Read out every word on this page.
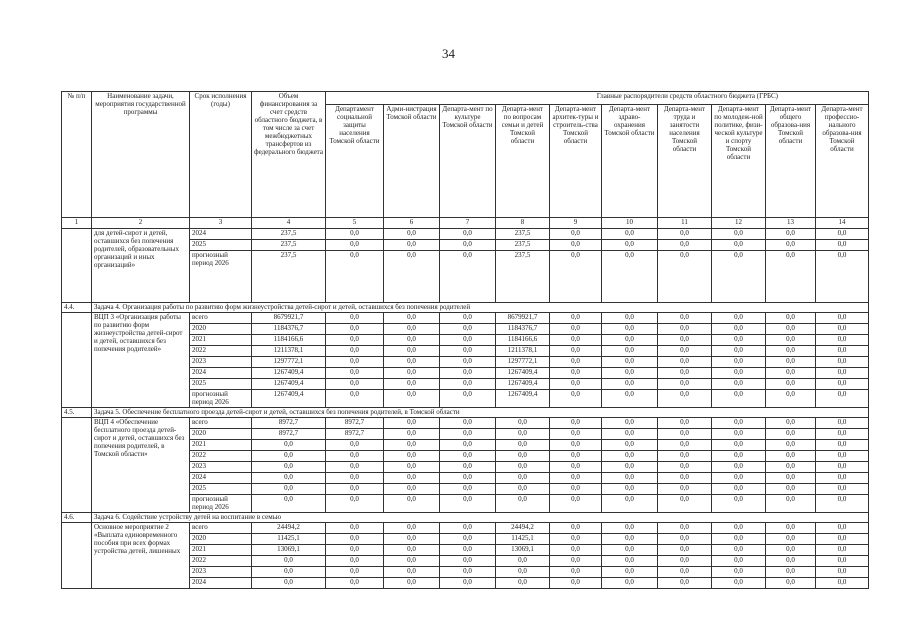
34
№ п/п	Наименование задачи, мероприятия государственной программы	Срок исполнения (годы)	Объем финансирования за счет средств областного бюджета, в том числе за счет межбюджетных трансфертов из федерального бюджета	Главные распорядители средств областного бюджета (ГРБС)									
				Департамент социальной защиты населения Томской области	Адми-нистрация Томской области	Департа-мент по культуре Томской области	Департа-мент по вопросам семьи и детей Томской области	Департа-мент архитек-туры и строитель-ства Томской области	Департа-мент здраво-охранения Томской области	Департа-мент труда и занятости населения Томской области	Департа-мент по молодеж-ной политике, физи-ческой культуре и спорту Томской области	Департа-мент общего образова-ния Томской области	Департа-мент профессио-нального образова-ния Томской области
1	2	3	4	5	6	7	8	9	10	11	12	13	14
	для детей-сирот и детей, оставшихся без попечения родителей, образовательных организаций и иных организаций»	2024	237,5	0,0	0,0	0,0	237,5	0,0	0,0	0,0	0,0	0,0	0,0
		2025	237,5	0,0	0,0	0,0	237,5	0,0	0,0	0,0	0,0	0,0	0,0
		прогнозный период 2026	237,5	0,0	0,0	0,0	237,5	0,0	0,0	0,0	0,0	0,0	0,0
4.4.	Задача 4. Организация работы по развитию форм жизнеустройства детей-сирот и детей, оставшихся без попечения родителей												
	ВЦП 3 «Организация работы по развитию форм жизнеустройства детей-сирот и детей, оставшихся без попечения родителей»	всего	8679921,7	0,0	0,0	0,0	8679921,7	0,0	0,0	0,0	0,0	0,0	0,0
		2020	1184376,7	0,0	0,0	0,0	1184376,7	0,0	0,0	0,0	0,0	0,0	0,0
		2021	1184166,6	0,0	0,0	0,0	1184166,6	0,0	0,0	0,0	0,0	0,0	0,0
		2022	1211378,1	0,0	0,0	0,0	1211378,1	0,0	0,0	0,0	0,0	0,0	0,0
		2023	1297772,1	0,0	0,0	0,0	1297772,1	0,0	0,0	0,0	0,0	0,0	0,0
		2024	1267409,4	0,0	0,0	0,0	1267409,4	0,0	0,0	0,0	0,0	0,0	0,0
		2025	1267409,4	0,0	0,0	0,0	1267409,4	0,0	0,0	0,0	0,0	0,0	0,0
		прогнозный период 2026	1267409,4	0,0	0,0	0,0	1267409,4	0,0	0,0	0,0	0,0	0,0	0,0
4.5.	Задача 5. Обеспечение бесплатного проезда детей-сирот и детей, оставшихся без попечения родителей, в Томской области												
	ВЦП 4 «Обеспечение бесплатного проезда детей-сирот и детей, оставшихся без попечения родителей, в Томской области»	всего	8972,7	8972,7	0,0	0,0	0,0	0,0	0,0	0,0	0,0	0,0	0,0
		2020	8972,7	8972,7	0,0	0,0	0,0	0,0	0,0	0,0	0,0	0,0	0,0
		2021	0,0	0,0	0,0	0,0	0,0	0,0	0,0	0,0	0,0	0,0	0,0
		2022	0,0	0,0	0,0	0,0	0,0	0,0	0,0	0,0	0,0	0,0	0,0
		2023	0,0	0,0	0,0	0,0	0,0	0,0	0,0	0,0	0,0	0,0	0,0
		2024	0,0	0,0	0,0	0,0	0,0	0,0	0,0	0,0	0,0	0,0	0,0
		2025	0,0	0,0	0,0	0,0	0,0	0,0	0,0	0,0	0,0	0,0	0,0
		прогнозный период 2026	0,0	0,0	0,0	0,0	0,0	0,0	0,0	0,0	0,0	0,0	0,0
4.6.	Задача 6. Содействие устройству детей на воспитание в семью												
	Основное мероприятие 2 «Выплата единовременного пособия при всех формах устройства детей, лишенных	всего	24494,2	0,0	0,0	0,0	24494,2	0,0	0,0	0,0	0,0	0,0	0,0
		2020	11425,1	0,0	0,0	0,0	11425,1	0,0	0,0	0,0	0,0	0,0	0,0
		2021	13069,1	0,0	0,0	0,0	13069,1	0,0	0,0	0,0	0,0	0,0	0,0
		2022	0,0	0,0	0,0	0,0	0,0	0,0	0,0	0,0	0,0	0,0	0,0
		2023	0,0	0,0	0,0	0,0	0,0	0,0	0,0	0,0	0,0	0,0	0,0
		2024	0,0	0,0	0,0	0,0	0,0	0,0	0,0	0,0	0,0	0,0	0,0
